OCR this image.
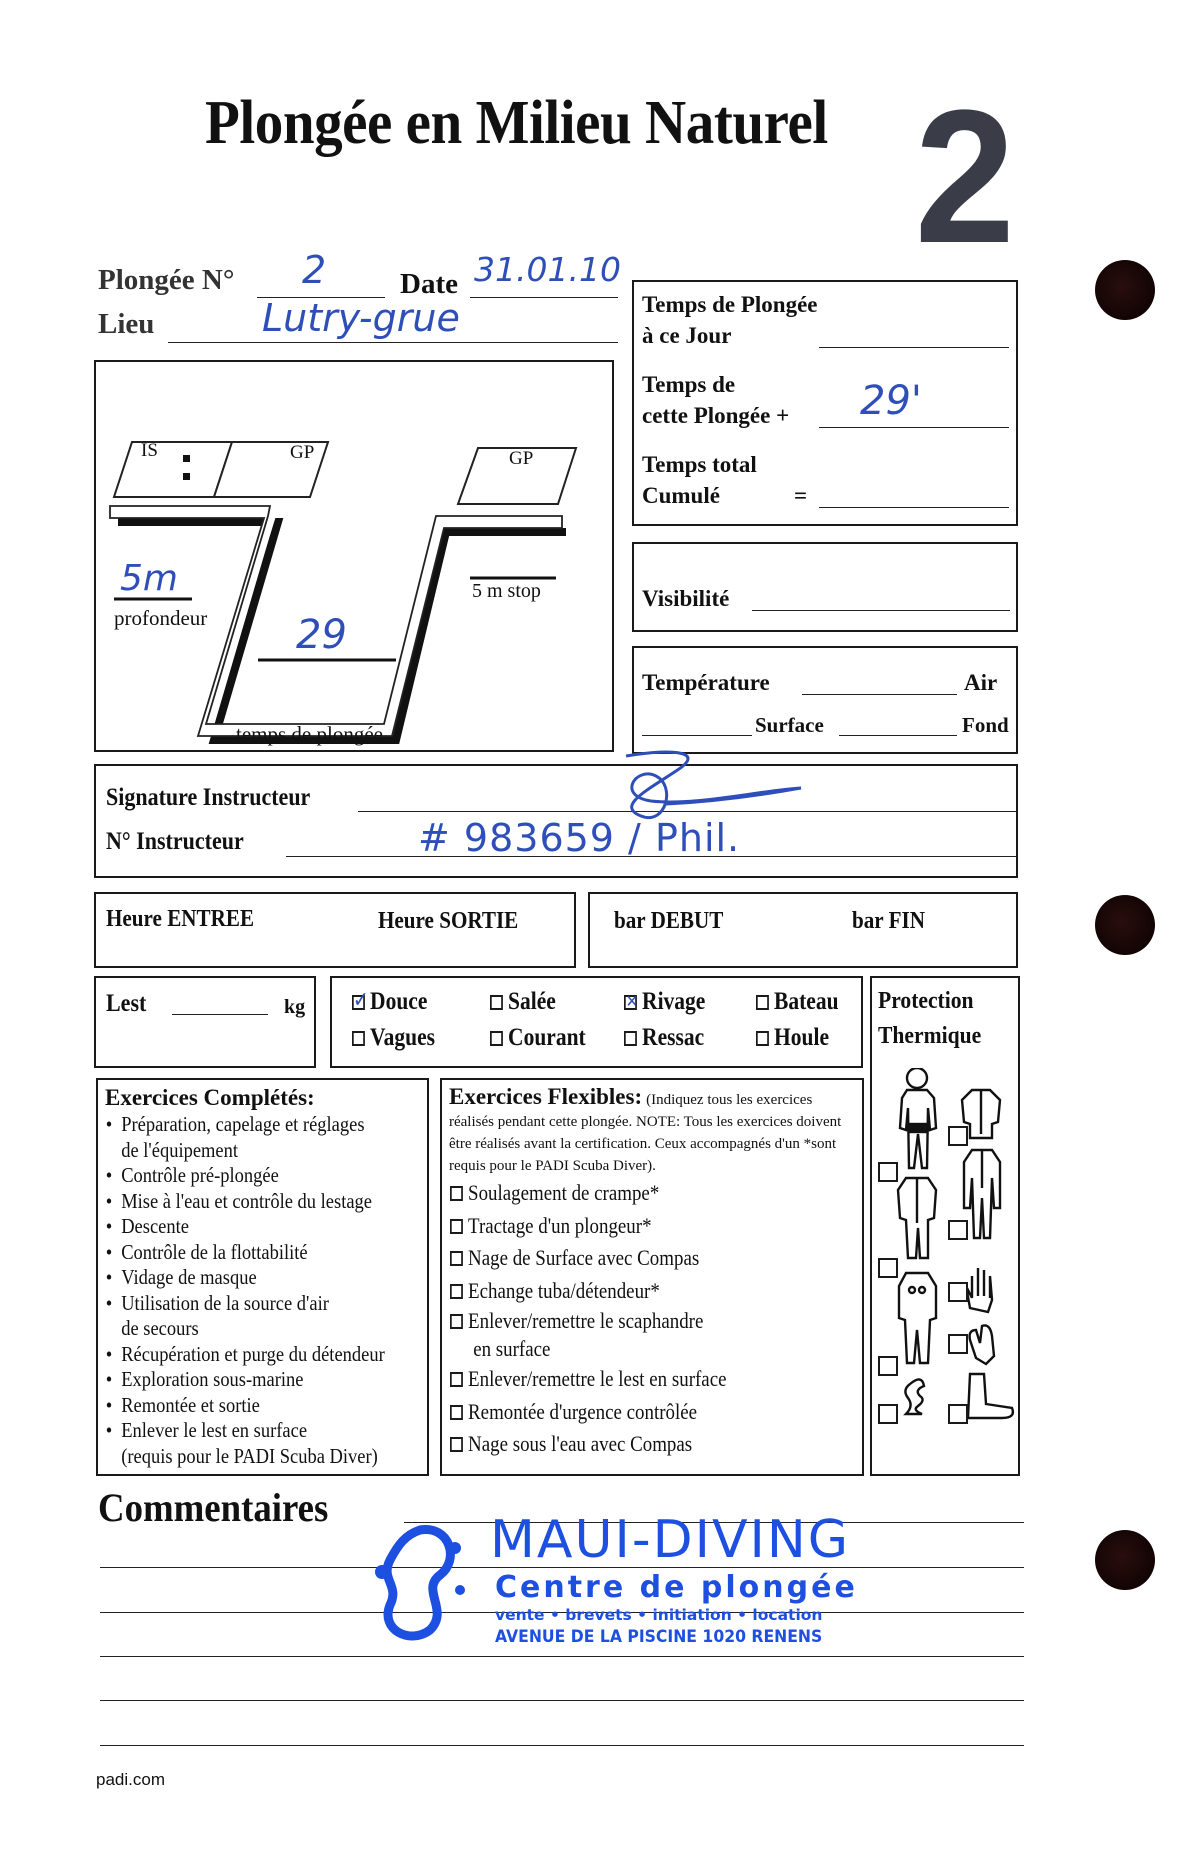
Plongée en Milieu Naturel 2
Plongée N° 2	Date 31.01.10
Lieu	Lutry-grue
IS	GP	GP
5 m stop
5m
profondeur 29
temps de plongée
Temps de Plongée
à ce Jour
Temps de
cette Plongée + 29'
Temps total
Cumulé	=
Visibilité
Température	Air
Surface	Fond
Signature Instructeur
N° Instructeur	# 983659 / Phil.
Heure ENTREE	Heure SORTIE	bar DEBUT	bar FIN
Lest	kg ✓	Douce	Salée ✕	Rivage	Bateau
Vagues	Courant	Ressac	Houle
Protection
Thermique
Exercices Complétés:
• Préparation, capelage et réglages
de l'équipement
• Contrôle pré-plongée
• Mise à l'eau et contrôle du lestage
• Descente
• Contrôle de la flottabilité
• Vidage de masque
• Utilisation de la source d'air
de secours
• Récupération et purge du détendeur
• Exploration sous-marine
• Remontée et sortie
• Enlever le lest en surface
(requis pour le PADI Scuba Diver)
Exercices Flexibles: (Indiquez tous les exercices réalisés pendant cette plongée. NOTE: Tous les exercices doivent être réalisés avant la certification. Ceux accompagnés d'un *sont requis pour le PADI Scuba Diver).
Soulagement de crampe*
Tractage d'un plongeur*
Nage de Surface avec Compas
Echange tuba/détendeur*
Enlever/remettre le scaphandre
en surface
Enlever/remettre le lest en surface
Remontée d'urgence contrôlée
Nage sous l'eau avec Compas
Commentaires
MAUI-DIVING
Centre de plongée
vente • brevets • initiation • location
AVENUE DE LA PISCINE 1020 RENENS
padi.com
